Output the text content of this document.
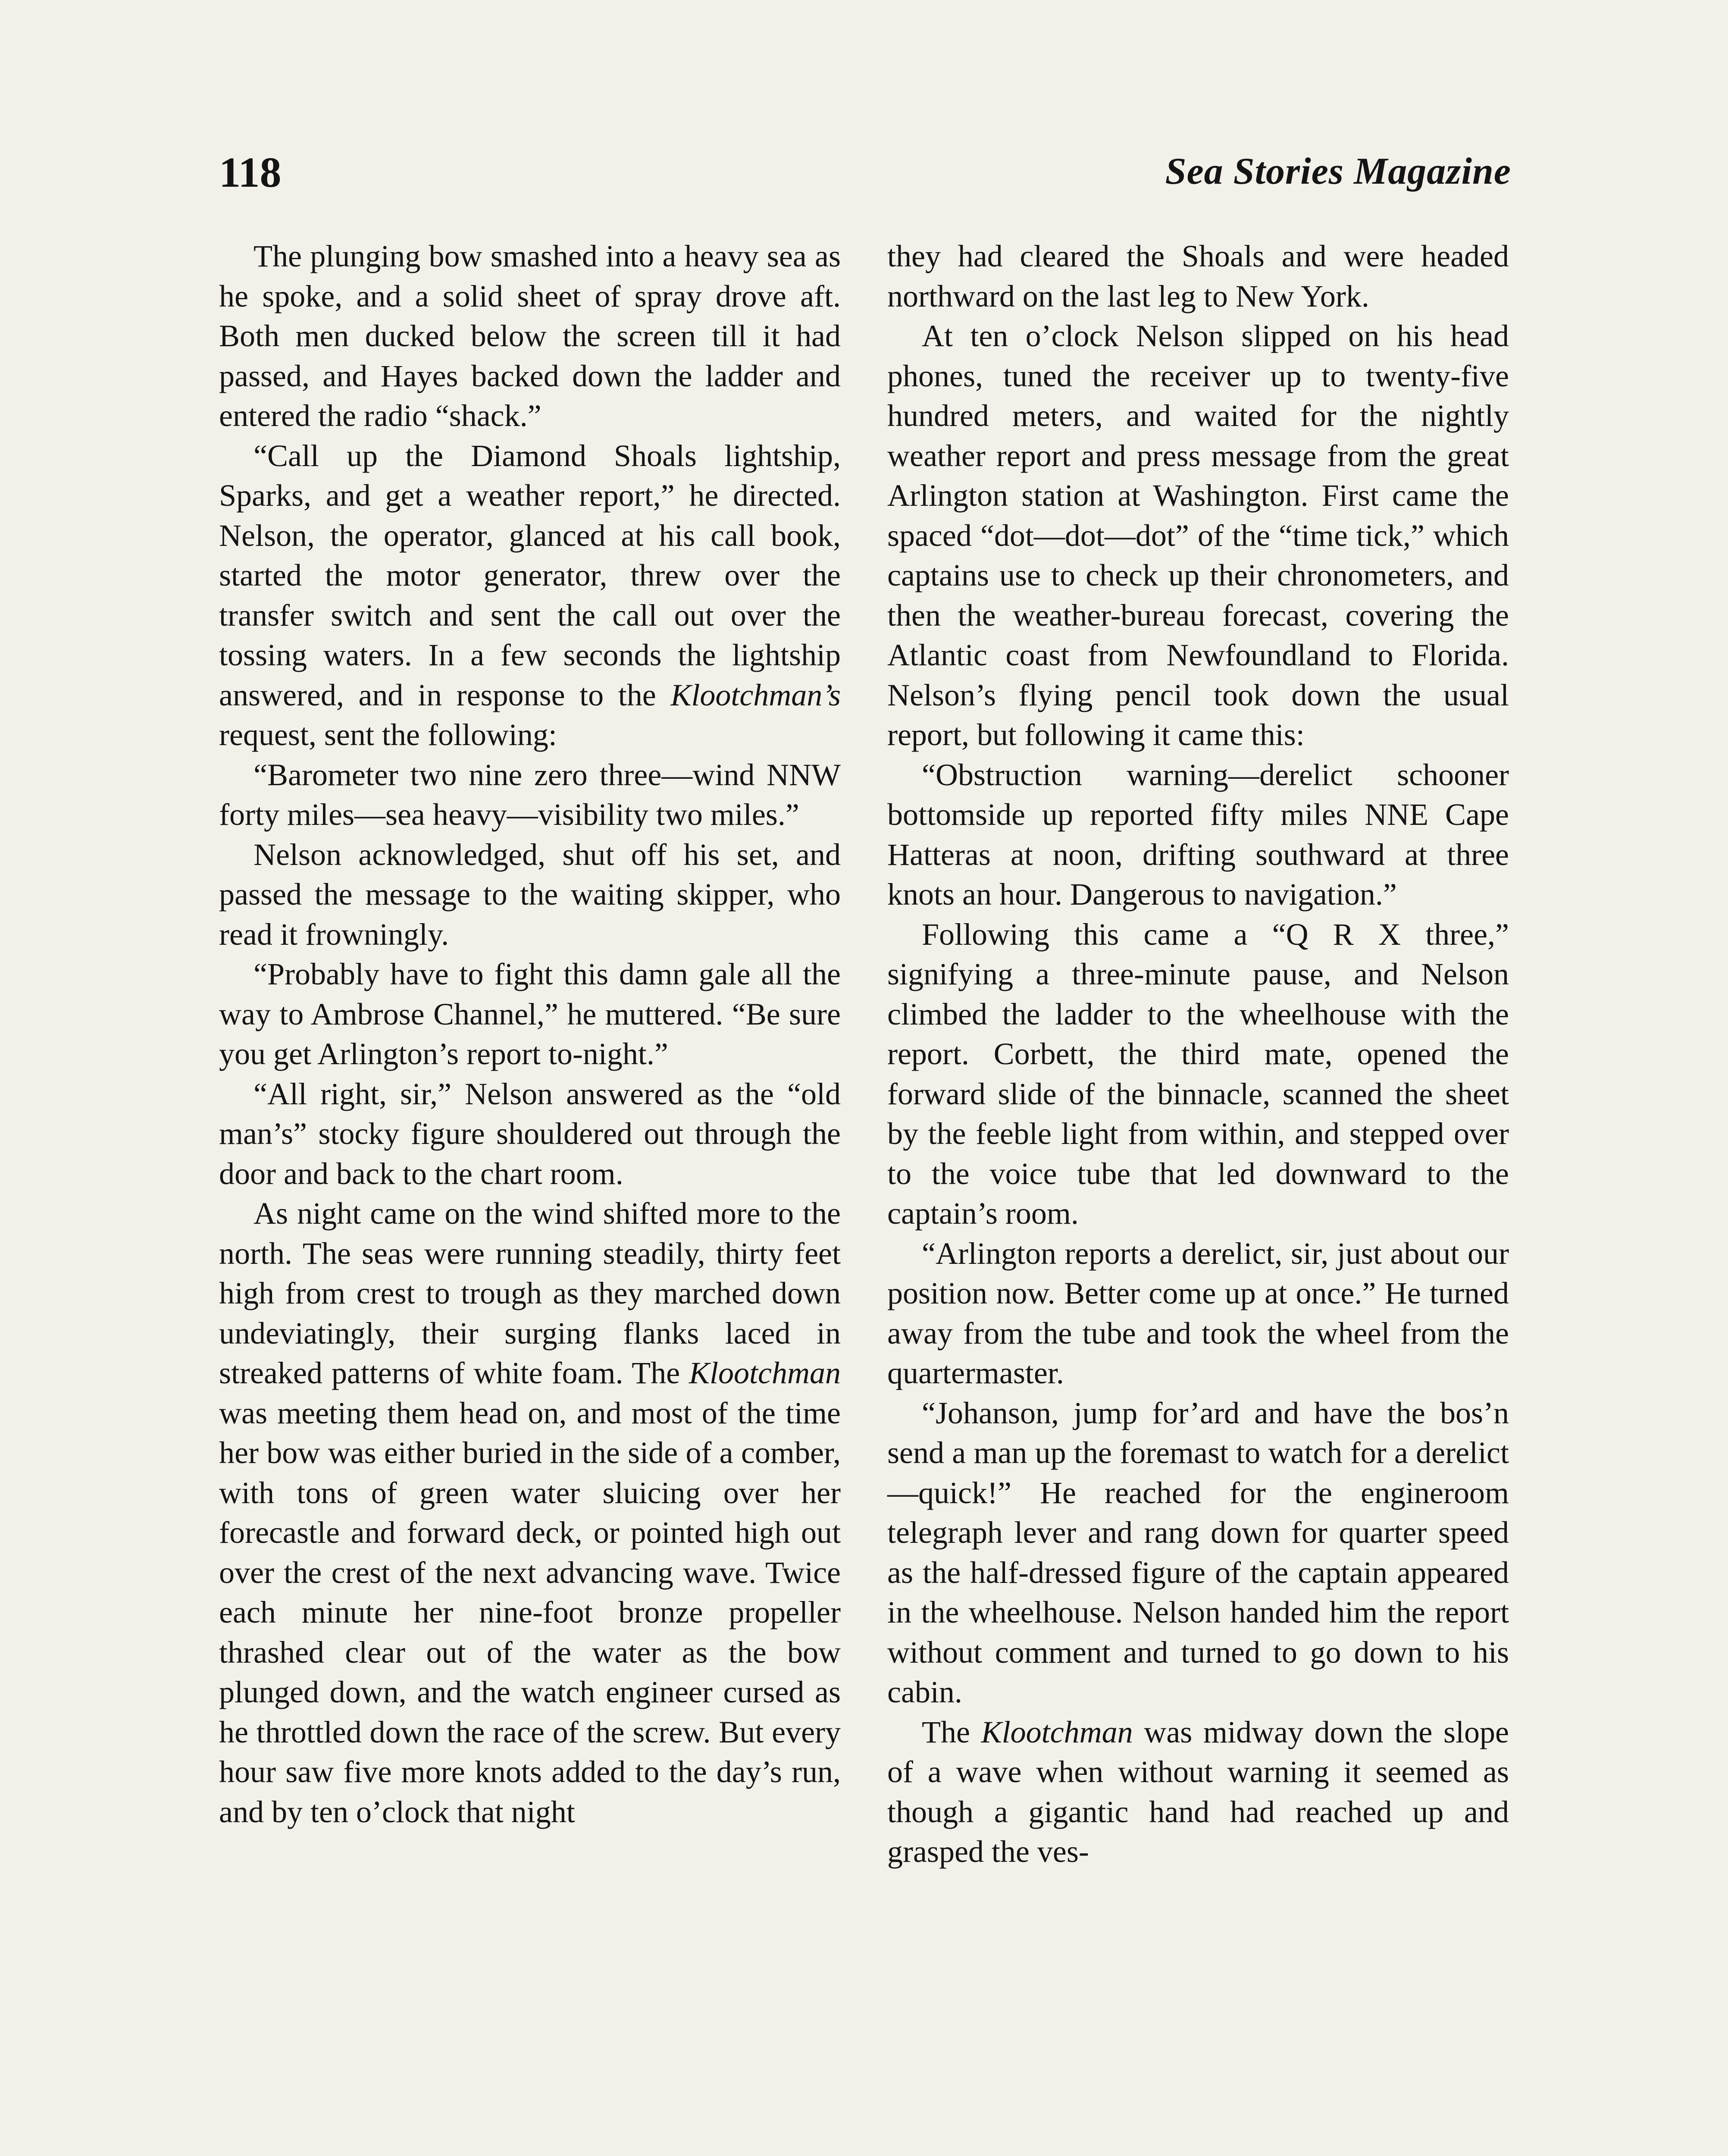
118	Sea Stories Magazine

The plunging bow smashed into a heavy sea as he spoke, and a solid sheet of spray drove aft. Both men ducked below the screen till it had passed, and Hayes backed down the ladder and entered the radio “shack.”

“Call up the Diamond Shoals lightship, Sparks, and get a weather report,” he directed. Nelson, the operator, glanced at his call book, started the motor generator, threw over the transfer switch and sent the call out over the tossing waters. In a few seconds the lightship answered, and in response to the Klootchman’s request, sent the following:

“Barometer two nine zero three—wind NNW forty miles—sea heavy—visibility two miles.”

Nelson acknowledged, shut off his set, and passed the message to the waiting skipper, who read it frowningly.

“Probably have to fight this damn gale all the way to Ambrose Channel,” he muttered. “Be sure you get Arlington’s report to-night.”

“All right, sir,” Nelson answered as the “old man’s” stocky figure shouldered out through the door and back to the chart room.

As night came on the wind shifted more to the north. The seas were running steadily, thirty feet high from crest to trough as they marched down undeviatingly, their surging flanks laced in streaked patterns of white foam. The Klootchman was meeting them head on, and most of the time her bow was either buried in the side of a comber, with tons of green water sluicing over her forecastle and forward deck, or pointed high out over the crest of the next advancing wave. Twice each minute her nine-foot bronze propeller thrashed clear out of the water as the bow plunged down, and the watch engineer cursed as he throttled down the race of the screw. But every hour saw five more knots added to the day’s run, and by ten o’clock that night

they had cleared the Shoals and were headed northward on the last leg to New York.

At ten o’clock Nelson slipped on his head phones, tuned the receiver up to twenty-five hundred meters, and waited for the nightly weather report and press message from the great Arlington station at Washington. First came the spaced “dot—dot—dot” of the “time tick,” which captains use to check up their chronometers, and then the weather-bureau forecast, covering the Atlantic coast from Newfoundland to Florida. Nelson’s flying pencil took down the usual report, but following it came this:

“Obstruction warning—derelict schooner bottomside up reported fifty miles NNE Cape Hatteras at noon, drifting southward at three knots an hour. Dangerous to navigation.”

Following this came a “Q R X three,” signifying a three-minute pause, and Nelson climbed the ladder to the wheelhouse with the report. Corbett, the third mate, opened the forward slide of the binnacle, scanned the sheet by the feeble light from within, and stepped over to the voice tube that led downward to the captain’s room.

“Arlington reports a derelict, sir, just about our position now. Better come up at once.” He turned away from the tube and took the wheel from the quartermaster.

“Johanson, jump for’ard and have the bos’n send a man up the foremast to watch for a derelict—quick!” He reached for the engineroom telegraph lever and rang down for quarter speed as the half-dressed figure of the captain appeared in the wheelhouse. Nelson handed him the report without comment and turned to go down to his cabin.

The Klootchman was midway down the slope of a wave when without warning it seemed as though a gigantic hand had reached up and grasped the ves-
